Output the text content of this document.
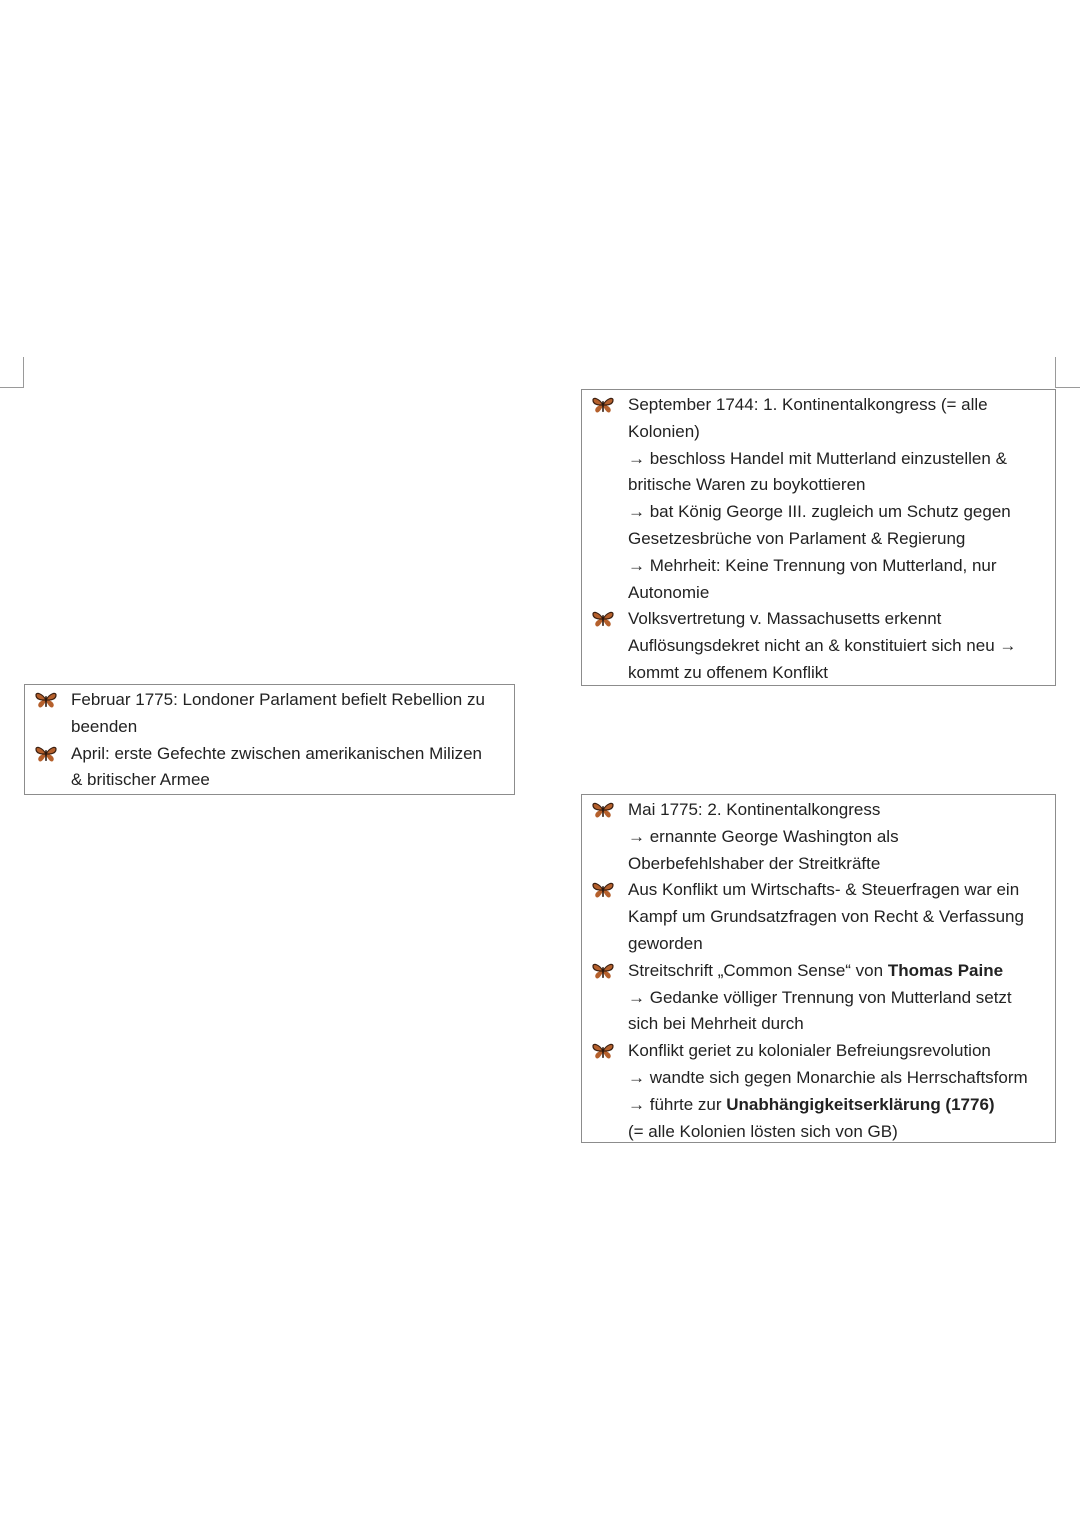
September 1744: 1. Kontinentalkongress (= alle
Kolonien)
→ beschloss Handel mit Mutterland einzustellen &
britische Waren zu boykottieren
→ bat König George III. zugleich um Schutz gegen
Gesetzesbrüche von Parlament & Regierung
→ Mehrheit: Keine Trennung von Mutterland, nur
Autonomie
Volksvertretung v. Massachusetts erkennt
Auflösungsdekret nicht an & konstituiert sich neu →
kommt zu offenem Konflikt
Februar 1775: Londoner Parlament befielt Rebellion zu
beenden
April: erste Gefechte zwischen amerikanischen Milizen
& britischer Armee
Mai 1775: 2. Kontinentalkongress
→ ernannte George Washington als
Oberbefehlshaber der Streitkräfte
Aus Konflikt um Wirtschafts- & Steuerfragen war ein
Kampf um Grundsatzfragen von Recht & Verfassung
geworden
Streitschrift „Common Sense“ von Thomas Paine
→ Gedanke völliger Trennung von Mutterland setzt
sich bei Mehrheit durch
Konflikt geriet zu kolonialer Befreiungsrevolution
→ wandte sich gegen Monarchie als Herrschaftsform
→ führte zur Unabhängigkeitserklärung (1776)
(= alle Kolonien lösten sich von GB)
